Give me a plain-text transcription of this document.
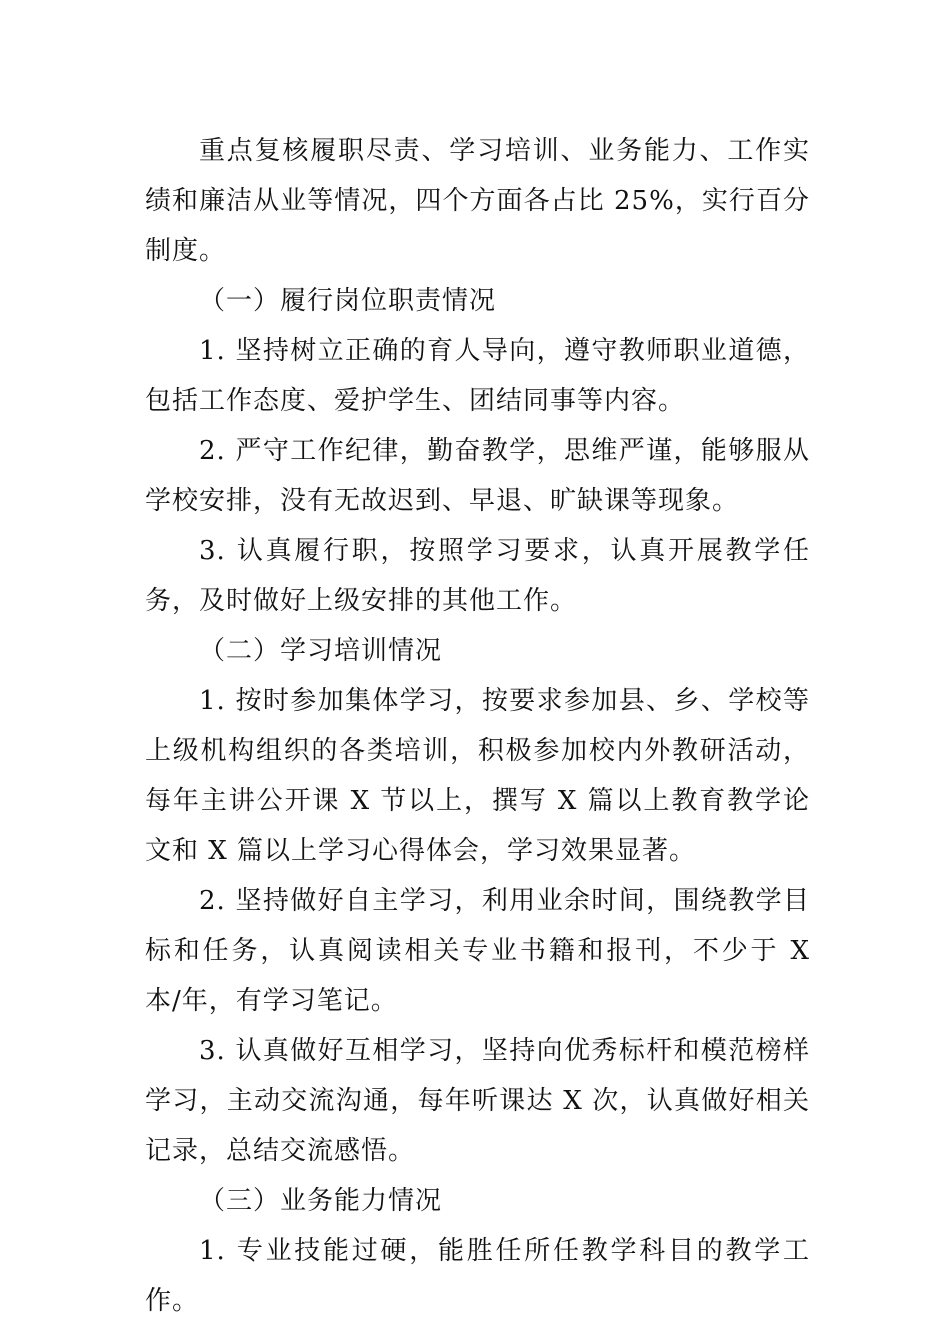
重点复核履职尽责、学习培训、业务能力、工作实绩和廉洁从业等情况，四个方面各占比 25%，实行百分制度。

（一）履行岗位职责情况

1. 坚持树立正确的育人导向，遵守教师职业道德，包括工作态度、爱护学生、团结同事等内容。

2. 严守工作纪律，勤奋教学，思维严谨，能够服从学校安排，没有无故迟到、早退、旷缺课等现象。

3. 认真履行职，按照学习要求，认真开展教学任务，及时做好上级安排的其他工作。

（二）学习培训情况

1. 按时参加集体学习，按要求参加县、乡、学校等上级机构组织的各类培训，积极参加校内外教研活动，每年主讲公开课 X 节以上，撰写 X 篇以上教育教学论文和 X 篇以上学习心得体会，学习效果显著。

2. 坚持做好自主学习，利用业余时间，围绕教学目标和任务，认真阅读相关专业书籍和报刊，不少于 X 本/年，有学习笔记。

3. 认真做好互相学习，坚持向优秀标杆和模范榜样学习，主动交流沟通，每年听课达 X 次，认真做好相关记录，总结交流感悟。

（三）业务能力情况

1. 专业技能过硬，能胜任所任教学科目的教学工作。
